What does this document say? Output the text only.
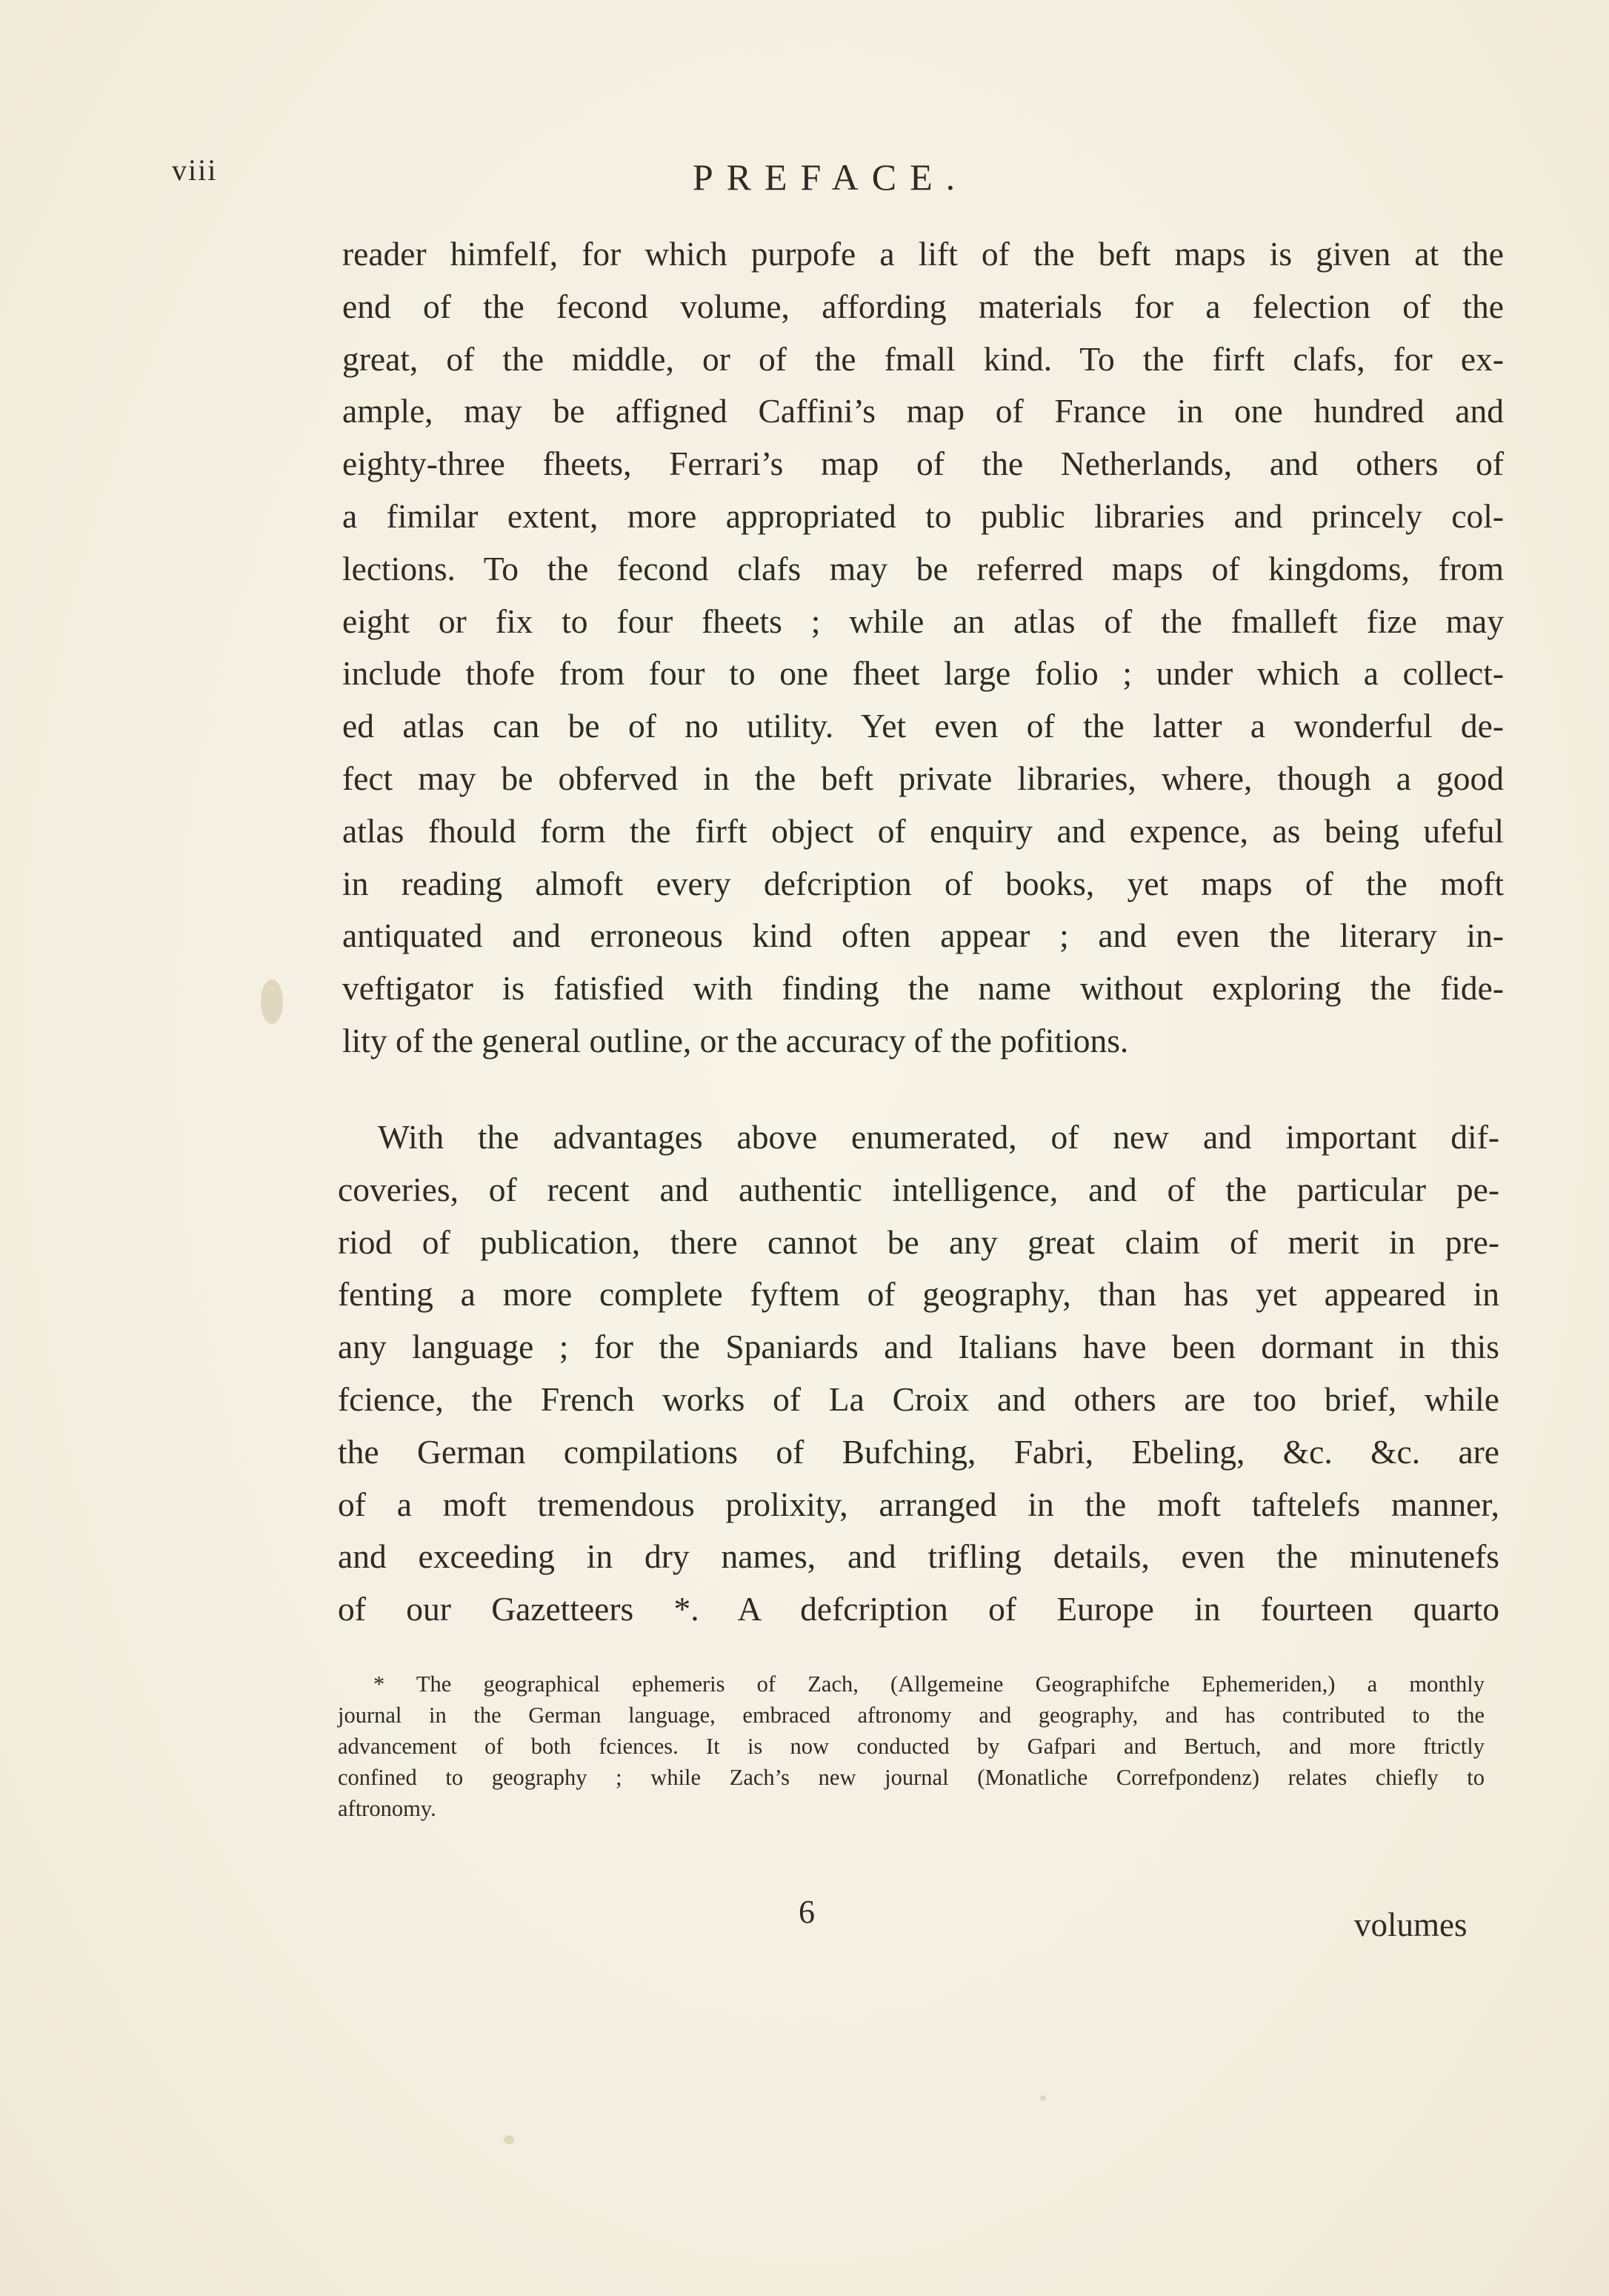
viii	PREFACE.
reader himfelf, for which purpofe a lift of the beft maps is given at the
end of the fecond volume, affording materials for a felection of the
great, of the middle, or of the fmall kind. To the firft clafs, for ex-
ample, may be affigned Caffini’s map of France in one hundred and
eighty-three fheets, Ferrari’s map of the Netherlands, and others of
a fimilar extent, more appropriated to public libraries and princely col-
lections. To the fecond clafs may be referred maps of kingdoms, from
eight or fix to four fheets ; while an atlas of the fmalleft fize may
include thofe from four to one fheet large folio ; under which a collect-
ed atlas can be of no utility. Yet even of the latter a wonderful de-
fect may be obferved in the beft private libraries, where, though a good
atlas fhould form the firft object of enquiry and expence, as being ufeful
in reading almoft every defcription of books, yet maps of the moft
antiquated and erroneous kind often appear ; and even the literary in-
veftigator is fatisfied with finding the name without exploring the fide-
lity of the general outline, or the accuracy of the pofitions.
With the advantages above enumerated, of new and important dif-
coveries, of recent and authentic intelligence, and of the particular pe-
riod of publication, there cannot be any great claim of merit in pre-
fenting a more complete fyftem of geography, than has yet appeared in
any language ; for the Spaniards and Italians have been dormant in this
fcience, the French works of La Croix and others are too brief, while
the German compilations of Bufching, Fabri, Ebeling, &c. &c. are
of a moft tremendous prolixity, arranged in the moft taftelefs manner,
and exceeding in dry names, and trifling details, even the minutenefs
of our Gazetteers *. A defcription of Europe in fourteen quarto
* The geographical ephemeris of Zach, (Allgemeine Geographifche Ephemeriden,) a monthly
journal in the German language, embraced aftronomy and geography, and has contributed to the
advancement of both fciences. It is now conducted by Gafpari and Bertuch, and more ftrictly
confined to geography ; while Zach’s new journal (Monatliche Correfpondenz) relates chiefly to
aftronomy.
6	volumes
